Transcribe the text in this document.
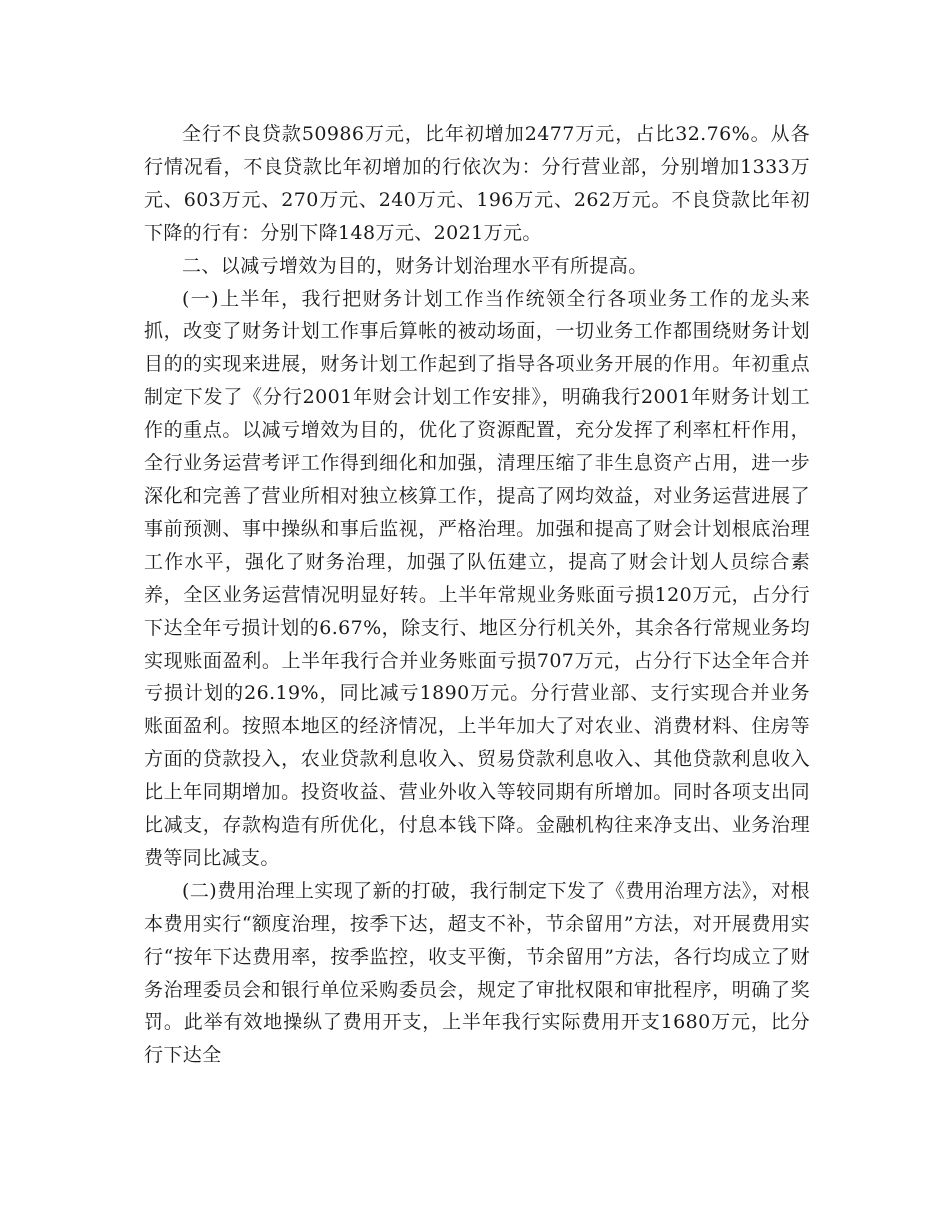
全行不良贷款50986万元，比年初增加2477万元，占比32.76%。从各行情况看，不良贷款比年初增加的行依次为：分行营业部，分别增加1333万元、603万元、270万元、240万元、196万元、262万元。不良贷款比年初下降的行有：分别下降148万元、2021万元。

二、以减亏增效为目的，财务计划治理水平有所提高。

(一)上半年，我行把财务计划工作当作统领全行各项业务工作的龙头来抓，改变了财务计划工作事后算帐的被动场面，一切业务工作都围绕财务计划目的的实现来进展，财务计划工作起到了指导各项业务开展的作用。年初重点制定下发了《分行2001年财会计划工作安排》，明确我行2001年财务计划工作的重点。以减亏增效为目的，优化了资源配置，充分发挥了利率杠杆作用，全行业务运营考评工作得到细化和加强，清理压缩了非生息资产占用，进一步深化和完善了营业所相对独立核算工作，提高了网均效益，对业务运营进展了事前预测、事中操纵和事后监视，严格治理。加强和提高了财会计划根底治理工作水平，强化了财务治理，加强了队伍建立，提高了财会计划人员综合素养，全区业务运营情况明显好转。上半年常规业务账面亏损120万元，占分行下达全年亏损计划的6.67%，除支行、地区分行机关外，其余各行常规业务均实现账面盈利。上半年我行合并业务账面亏损707万元，占分行下达全年合并亏损计划的26.19%，同比减亏1890万元。分行营业部、支行实现合并业务账面盈利。按照本地区的经济情况，上半年加大了对农业、消费材料、住房等方面的贷款投入，农业贷款利息收入、贸易贷款利息收入、其他贷款利息收入比上年同期增加。投资收益、营业外收入等较同期有所增加。同时各项支出同比减支，存款构造有所优化，付息本钱下降。金融机构往来净支出、业务治理费等同比减支。

(二)费用治理上实现了新的打破，我行制定下发了《费用治理方法》，对根本费用实行“额度治理，按季下达，超支不补，节余留用”方法，对开展费用实行“按年下达费用率，按季监控，收支平衡，节余留用”方法，各行均成立了财务治理委员会和银行单位采购委员会，规定了审批权限和审批程序，明确了奖罚。此举有效地操纵了费用开支，上半年我行实际费用开支1680万元，比分行下达全
